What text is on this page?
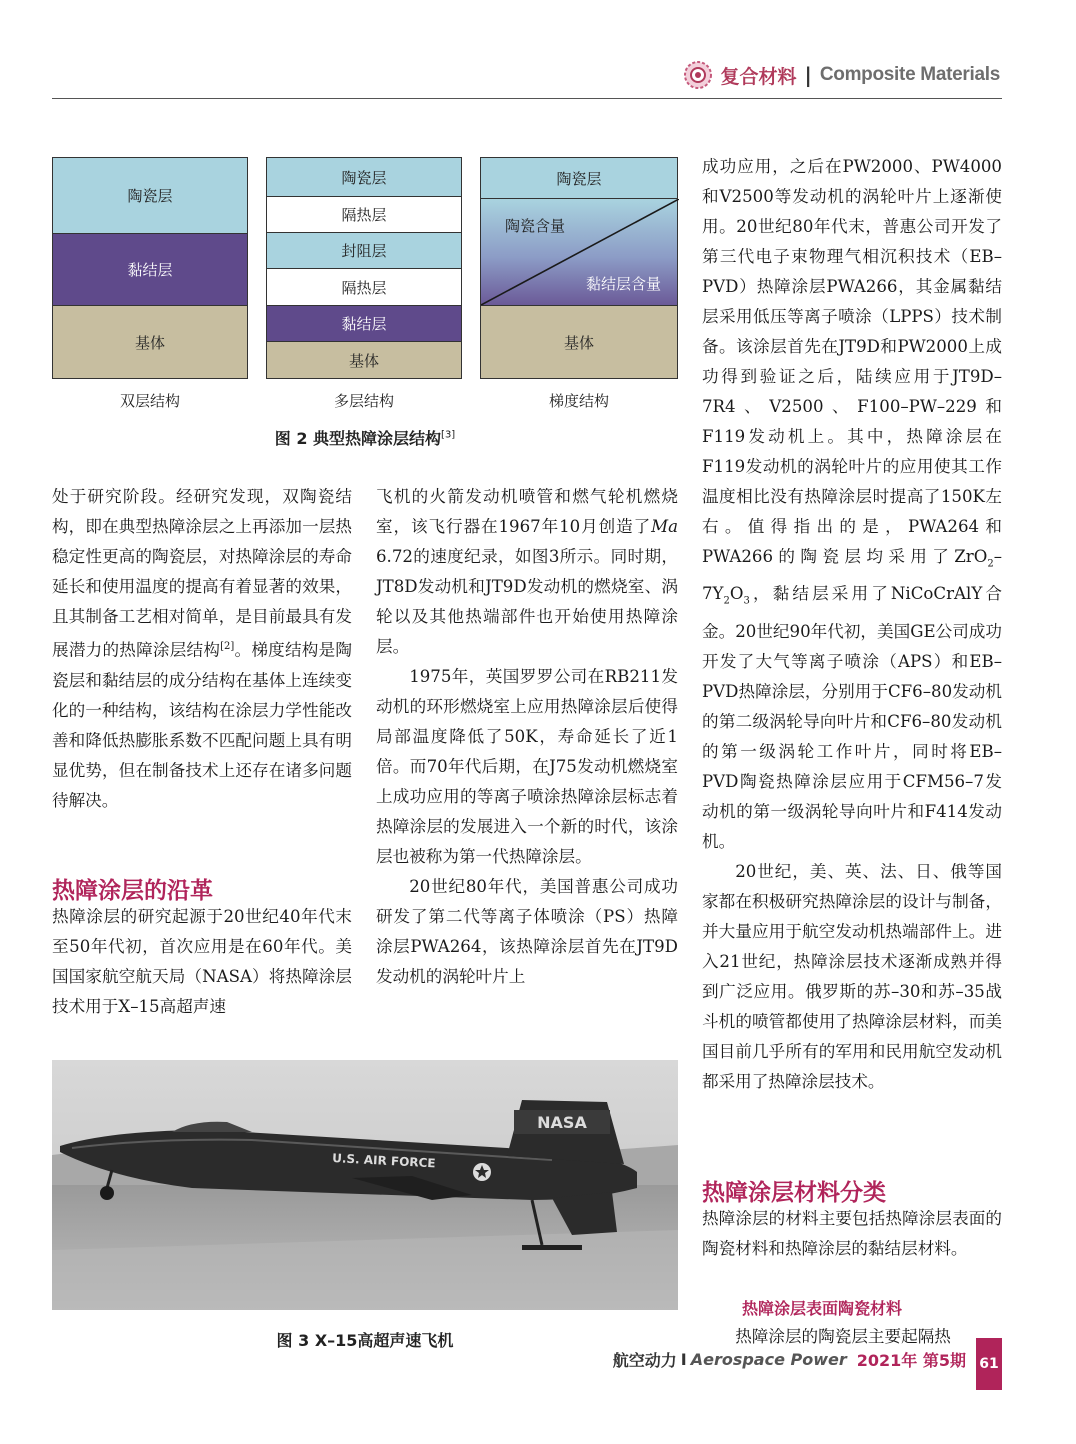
复合材料 | Composite Materials
陶瓷层
黏结层
基体
双层结构
陶瓷层
隔热层
封阻层
隔热层
黏结层
基体
多层结构
陶瓷层
陶瓷含量
黏结层含量
基体
梯度结构
图 2 典型热障涂层结构[3]

处于研究阶段。经研究发现，双陶瓷结构，即在典型热障涂层之上再添加一层热稳定性更高的陶瓷层，对热障涂层的寿命延长和使用温度的提高有着显著的效果，且其制备工艺相对简单，是目前最具有发展潜力的热障涂层结构[2]。梯度结构是陶瓷层和黏结层的成分结构在基体上连续变化的一种结构，该结构在涂层力学性能改善和降低热膨胀系数不匹配问题上具有明显优势，但在制备技术上还存在诸多问题待解决。

热障涂层的沿革

热障涂层的研究起源于20世纪40年代末至50年代初，首次应用是在60年代。美国国家航空航天局（NASA）将热障涂层技术用于X–15高超声速

飞机的火箭发动机喷管和燃气轮机燃烧室，该飞行器在1967年10月创造了Ma 6.72的速度纪录，如图3所示。同时期，JT8D发动机和JT9D发动机的燃烧室、涡轮以及其他热端部件也开始使用热障涂层。

1975年，英国罗罗公司在RB211发动机的环形燃烧室上应用热障涂层后使得局部温度降低了50K，寿命延长了近1倍。而70年代后期，在J75发动机燃烧室上成功应用的等离子喷涂热障涂层标志着热障涂层的发展进入一个新的时代，该涂层也被称为第一代热障涂层。

20世纪80年代，美国普惠公司成功研发了第二代等离子体喷涂（PS）热障涂层PWA264，该热障涂层首先在JT9D发动机的涡轮叶片上

成功应用，之后在PW2000、PW4000和V2500等发动机的涡轮叶片上逐渐使用。20世纪80年代末，普惠公司开发了第三代电子束物理气相沉积技术（EB–PVD）热障涂层PWA266，其金属黏结层采用低压等离子喷涂（LPPS）技术制备。该涂层首先在JT9D和PW2000上成功得到验证之后，陆续应用于JT9D–7R4、V2500、F100–PW–229和F119发动机上。其中，热障涂层在F119发动机的涡轮叶片的应用使其工作温度相比没有热障涂层时提高了150K左右。值得指出的是，PWA264和PWA266的陶瓷层均采用了$ZrO_2-7Y_2O_3$，黏结层采用了NiCoCrAlY合金。20世纪90年代初，美国GE公司成功开发了大气等离子喷涂（APS）和EB–PVD热障涂层，分别用于CF6–80发动机的第二级涡轮导向叶片和CF6–80发动机的第一级涡轮工作叶片，同时将EB–PVD陶瓷热障涂层应用于CFM56–7发动机的第一级涡轮导向叶片和F414发动机。

20世纪，美、英、法、日、俄等国家都在积极研究热障涂层的设计与制备，并大量应用于航空发动机热端部件上。进入21世纪，热障涂层技术逐渐成熟并得到广泛应用。俄罗斯的苏–30和苏–35战斗机的喷管都使用了热障涂层材料，而美国目前几乎所有的军用和民用航空发动机都采用了热障涂层技术。

热障涂层材料分类

热障涂层的材料主要包括热障涂层表面的陶瓷材料和热障涂层的黏结层材料。

热障涂层表面陶瓷材料

热障涂层的陶瓷层主要起隔热

NASA
U.S. AIR FORCE
图 3 X–15高超声速飞机
航空动力 I Aerospace Power 2021年 第5期 61
